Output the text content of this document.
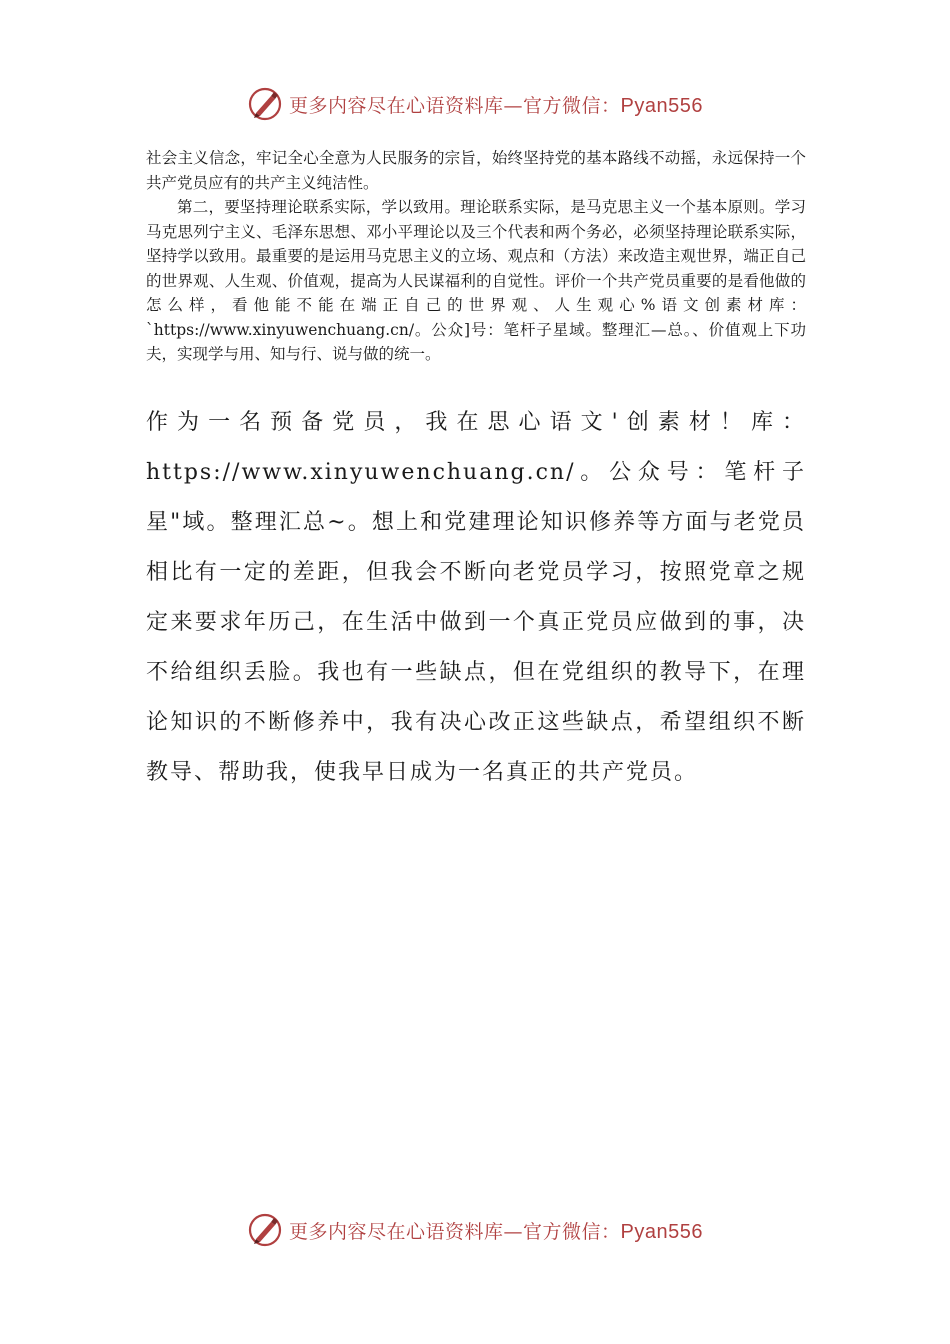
更多内容尽在心语资料库—官方微信：Pyan556

社会主义信念，牢记全心全意为人民服务的宗旨，始终坚持党的基本路线不动摇，永远保持一个共产党员应有的共产主义纯洁性。

第二，要坚持理论联系实际，学以致用。理论联系实际，是马克思主义一个基本原则。学习马克思列宁主义、毛泽东思想、邓小平理论以及三个代表和两个务必，必须坚持理论联系实际，坚持学以致用。最重要的是运用马克思主义的立场、观点和（方法）来改造主观世界，端正自己的世界观、人生观、价值观，提高为人民谋福利的自觉性。评价一个共产党员重要的是看他做的怎么样，看他能不能在端正自己的世界观、人生观心%语文创素材库：`https://www.xinyuwenchuang.cn/。公众]号：笔杆子星域。整理汇—总。、价值观上下功夫，实现学与用、知与行、说与做的统一。

作为一名预备党员，我在思心语文'创素材！库：https://www.xinyuwenchuang.cn/。公众号：笔杆子星"域。整理汇总~。想上和党建理论知识修养等方面与老党员相比有一定的差距，但我会不断向老党员学习，按照党章之规定来要求年历己，在生活中做到一个真正党员应做到的事，决不给组织丢脸。我也有一些缺点，但在党组织的教导下，在理论知识的不断修养中，我有决心改正这些缺点，希望组织不断教导、帮助我，使我早日成为一名真正的共产党员。

更多内容尽在心语资料库—官方微信：Pyan556
